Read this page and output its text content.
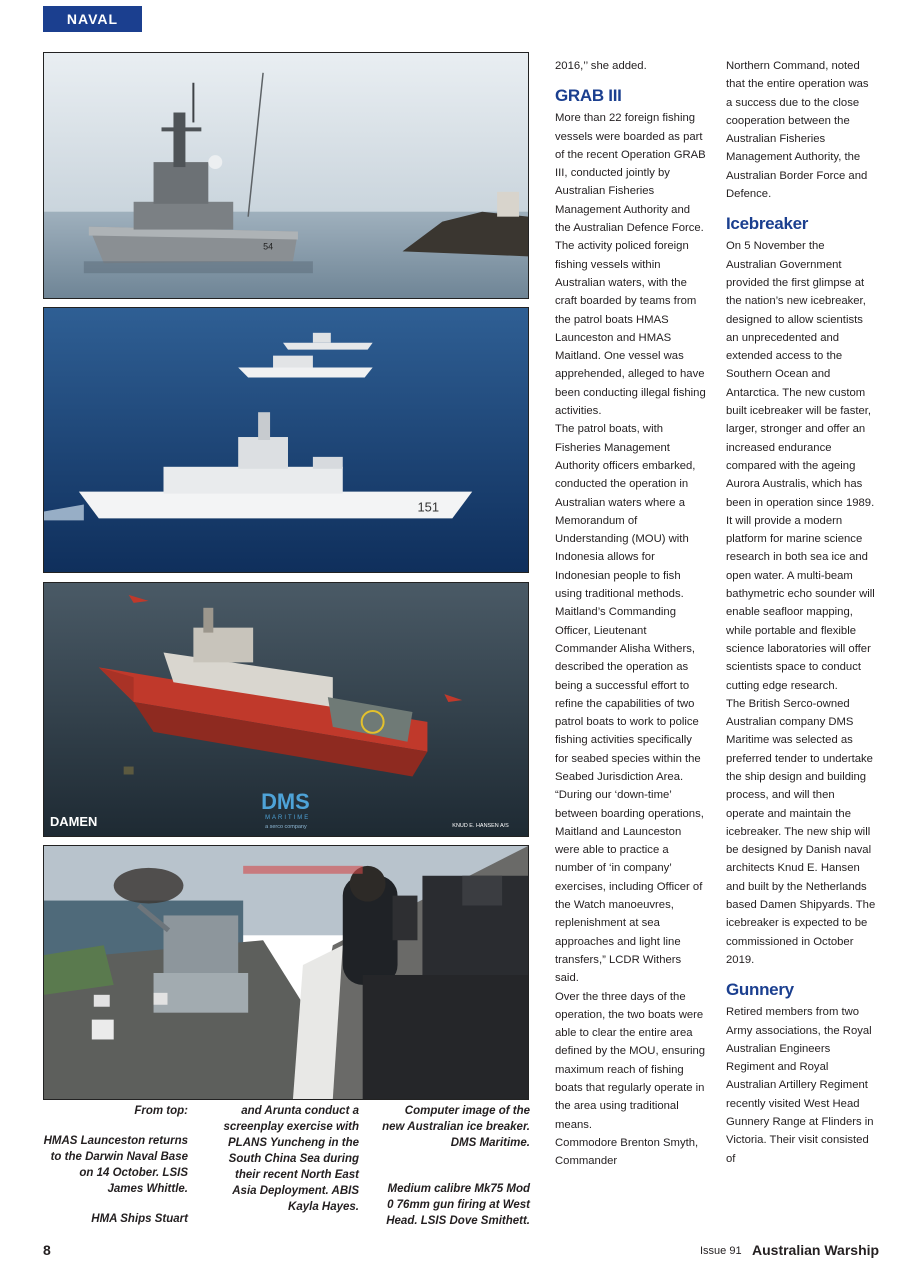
NAVAL NEWS
54
151
DAMEN
DMS
MARITIME
a serco company	KNUD E. HANSEN A/S

From top:

HMAS Launceston returns to the Darwin Naval Base on 14 October. LSIS James Whittle.

HMA Ships Stuart

and Arunta conduct a screenplay exercise with PLANS Yuncheng in the South China Sea during their recent North East Asia Deployment. ABIS Kayla Hayes.

Computer image of the new Australian ice breaker. DMS Maritime.

Medium calibre Mk75 Mod 0 76mm gun firing at West Head. LSIS Dove Smithett.

2016,’’ she added.

GRAB III

More than 22 foreign fishing vessels were boarded as part of the recent Operation GRAB III, conducted jointly by Australian Fisheries Management Authority and the Australian Defence Force. The activity policed foreign fishing vessels within Australian waters, with the craft boarded by teams from the patrol boats HMAS Launceston and HMAS Maitland. One vessel was apprehended, alleged to have been conducting illegal fishing activities.

The patrol boats, with Fisheries Management Authority officers embarked, conducted the operation in Australian waters where a Memorandum of Understanding (MOU) with Indonesia allows for Indonesian people to fish using traditional methods.

Maitland’s Commanding Officer, Lieutenant Commander Alisha Withers, described the operation as being a successful effort to refine the capabilities of two patrol boats to work to police fishing activities specifically for seabed species within the Seabed Jurisdiction Area.

“During our ‘down-time’ between boarding operations, Maitland and Launceston were able to practice a number of ‘in company’ exercises, including Officer of the Watch manoeuvres, replenishment at sea approaches and light line transfers,” LCDR Withers said.

Over the three days of the operation, the two boats were able to clear the entire area defined by the MOU, ensuring maximum reach of fishing boats that regularly operate in the area using traditional means.

Commodore Brenton Smyth, Commander

Northern Command, noted that the entire operation was a success due to the close cooperation between the Australian Fisheries Management Authority, the Australian Border Force and Defence.

Icebreaker

On 5 November the Australian Government provided the first glimpse at the nation’s new icebreaker, designed to allow scientists an unprecedented and extended access to the Southern Ocean and Antarctica. The new custom built icebreaker will be faster, larger, stronger and offer an increased endurance compared with the ageing Aurora Australis, which has been in operation since 1989.

It will provide a modern platform for marine science research in both sea ice and open water. A multi-beam bathymetric echo sounder will enable seafloor mapping, while portable and flexible science laboratories will offer scientists space to conduct cutting edge research.

The British Serco-owned Australian company DMS Maritime was selected as preferred tender to undertake the ship design and building process, and will then operate and maintain the icebreaker. The new ship will be designed by Danish naval architects Knud E. Hansen and built by the Netherlands based Damen Shipyards. The icebreaker is expected to be commissioned in October 2019.

Gunnery

Retired members from two Army associations, the Royal Australian Engineers Regiment and Royal Australian Artillery Regiment recently visited West Head Gunnery Range at Flinders in Victoria. Their visit consisted of

8	Issue 91 Australian Warship
